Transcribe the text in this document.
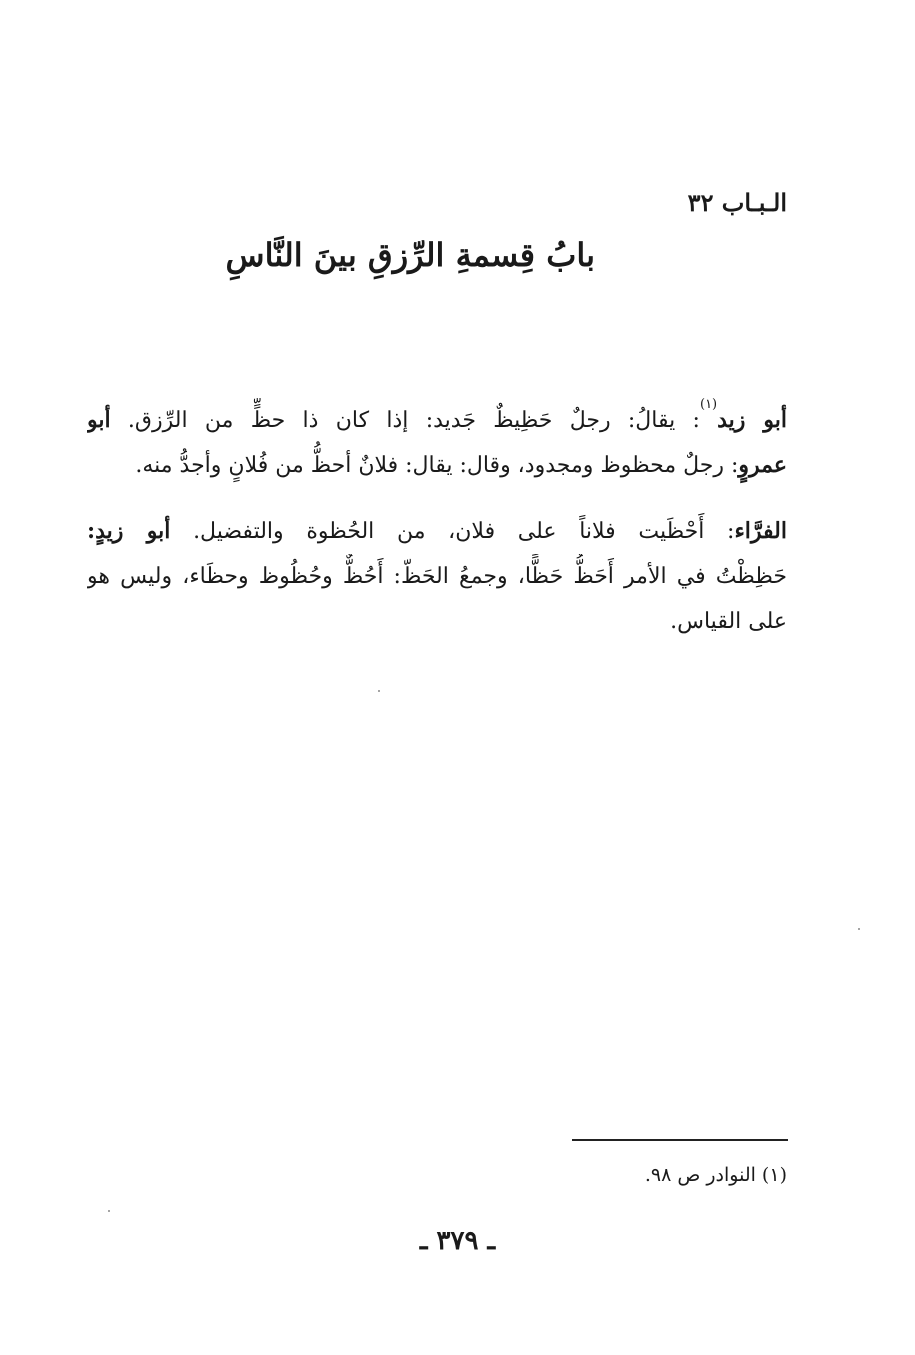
الـبـاب ٣٢
بابُ قِسمةِ الرِّزقِ بينَ النَّاسِ
أبو زيد$^{(١)}$: يقالُ: رجلٌ حَظِيظٌ جَديد: إذا كان ذا حظٍّ من الرِّزق. أبو
عمروٍ: رجلٌ محظوظ ومجدود، وقال: يقال: فلانٌ أحظُّ من فُلانٍ وأجدُّ منه.
الفرَّاء: أَحْظَيت فلاناً على فلان، من الحُظوة والتفضيل. أبو زيدٍ:
حَظِظْتُ في الأمر أَحَظُّ حَظًّا، وجمعُ الحَظّ: أَحُظٌّ وحُظُوظ وحظَاء، وليس هو
على القياس.
(١) النوادر ص ٩٨.
ـ ٣٧٩ ـ
